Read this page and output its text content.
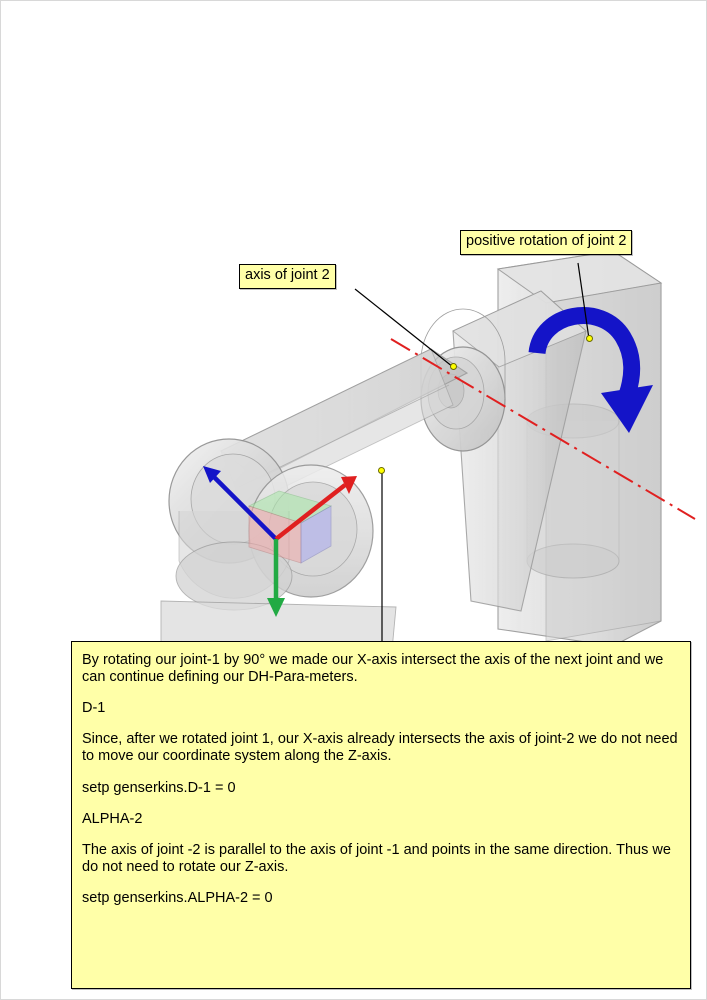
axis of joint 2
positive rotation of joint 2

By rotating our joint-1 by 90° we made our X-axis intersect the axis of the next joint and we can continue defining our DH-Para-meters.

D-1

Since, after we rotated joint 1, our X-axis already intersects the axis of joint-2 we do not need to move our coordinate system along the Z-axis.

setp genserkins.D-1 = 0

ALPHA-2

The axis of joint -2 is parallel to the axis of joint -1 and points in the same direction. Thus we do not need to rotate our Z-axis.

setp genserkins.ALPHA-2 = 0
